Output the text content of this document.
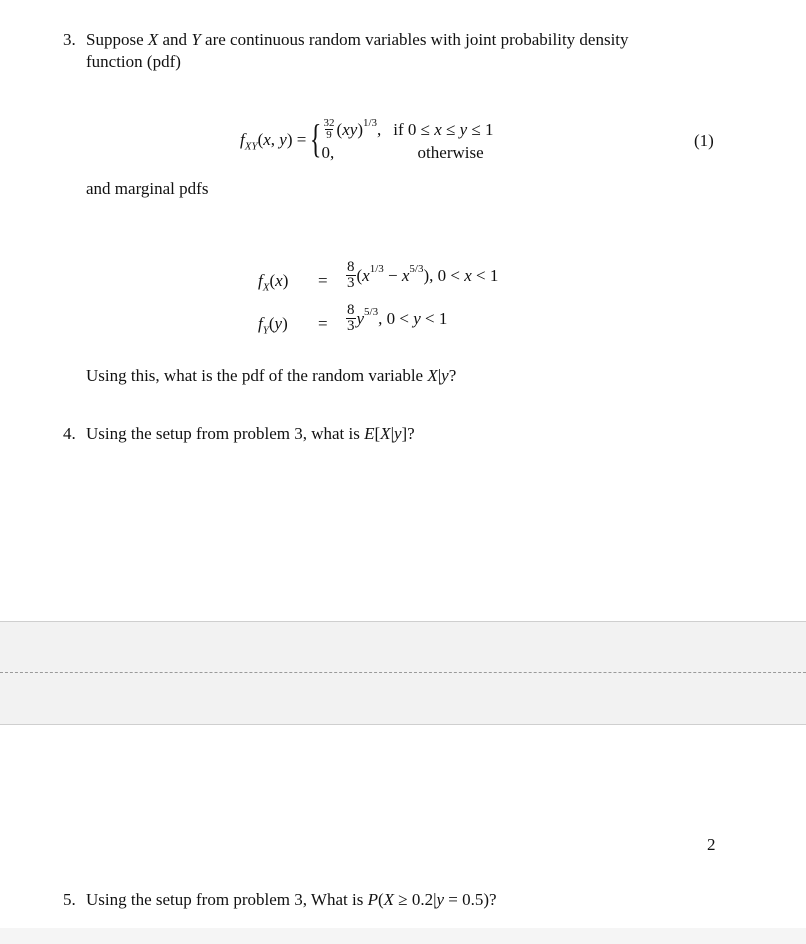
3. Suppose X and Y are continuous random variables with joint probability density
function (pdf)
$f_{XY}(x$, y) = { $\frac{32}{9} (xy)^{1/3}$, if 0 ≤ x ≤ y ≤ 1
0,	otherwise
(1)
and marginal pdfs
$f_X(x) = \frac{8}{3} (x^{1/3} - x^{5/3})$, 0 < x < 1
$f_Y(y) = \frac{8}{3} y^{5/3}$, 0 < y < 1
Using this, what is the pdf of the random variable X|y?
4. Using the setup from problem 3, what is E[X|y]?
2
5. Using the setup from problem 3, What is P(X ≥ 0.2|y = 0.5)?
